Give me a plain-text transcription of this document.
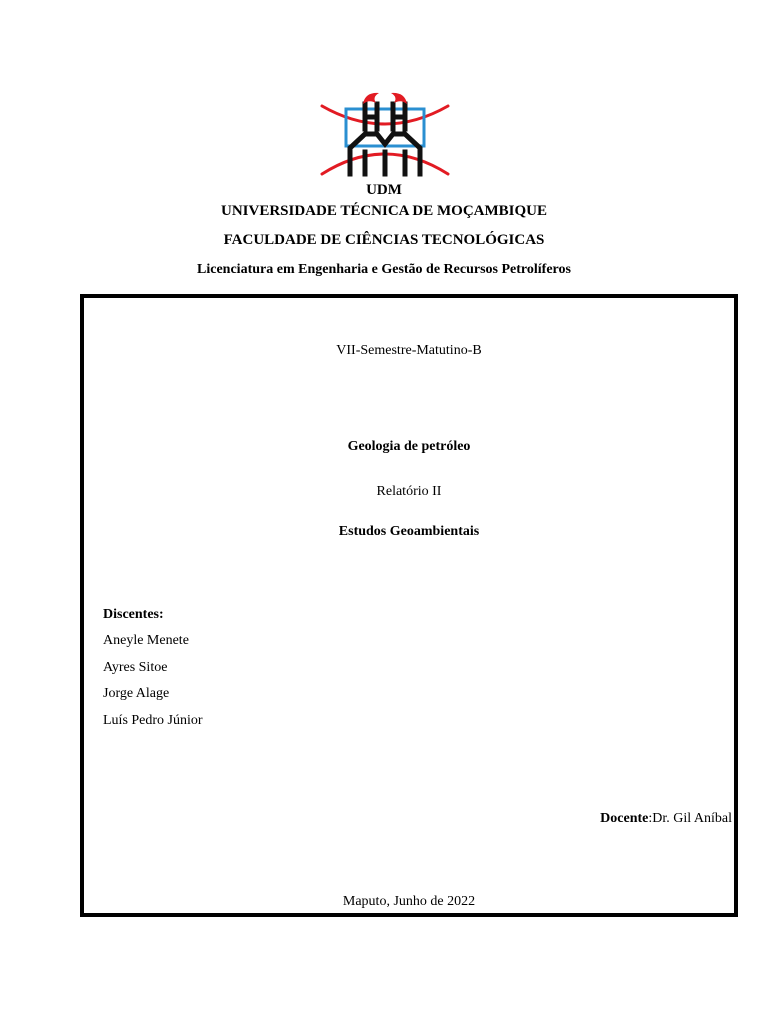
UDM
UNIVERSIDADE TÉCNICA DE MOÇAMBIQUE
FACULDADE DE CIÊNCIAS TECNOLÓGICAS
Licenciatura em Engenharia e Gestão de Recursos Petrolíferos
VII-Semestre-Matutino-B
Geologia de petróleo
Relatório II
Estudos Geoambientais
Discentes:
Aneyle Menete
Ayres Sitoe
Jorge Alage
Luís Pedro Júnior
Docente:Dr. Gil Aníbal
Maputo, Junho de 2022
